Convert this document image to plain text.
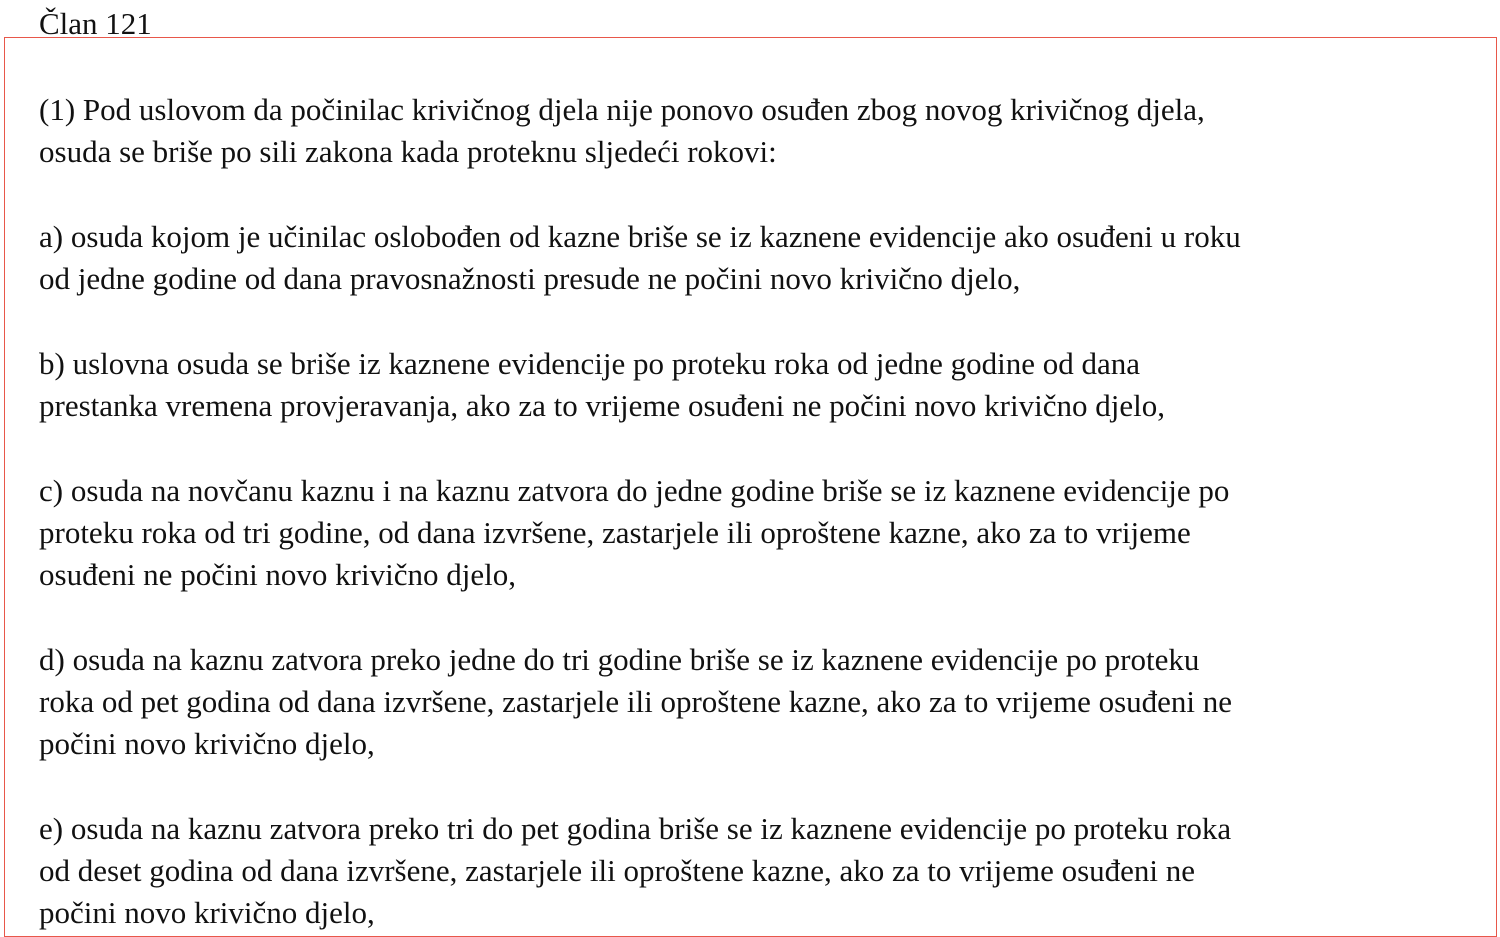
Član 121

(1) Pod uslovom da počinilac krivičnog djela nije ponovo osuđen zbog novog krivičnog djela,
osuda se briše po sili zakona kada proteknu sljedeći rokovi:

a) osuda kojom je učinilac oslobođen od kazne briše se iz kaznene evidencije ako osuđeni u roku
od jedne godine od dana pravosnažnosti presude ne počini novo krivično djelo,

b) uslovna osuda se briše iz kaznene evidencije po proteku roka od jedne godine od dana
prestanka vremena provjeravanja, ako za to vrijeme osuđeni ne počini novo krivično djelo,

c) osuda na novčanu kaznu i na kaznu zatvora do jedne godine briše se iz kaznene evidencije po
proteku roka od tri godine, od dana izvršene, zastarjele ili oproštene kazne, ako za to vrijeme
osuđeni ne počini novo krivično djelo,

d) osuda na kaznu zatvora preko jedne do tri godine briše se iz kaznene evidencije po proteku
roka od pet godina od dana izvršene, zastarjele ili oproštene kazne, ako za to vrijeme osuđeni ne
počini novo krivično djelo,

e) osuda na kaznu zatvora preko tri do pet godina briše se iz kaznene evidencije po proteku roka
od deset godina od dana izvršene, zastarjele ili oproštene kazne, ako za to vrijeme osuđeni ne
počini novo krivično djelo,
